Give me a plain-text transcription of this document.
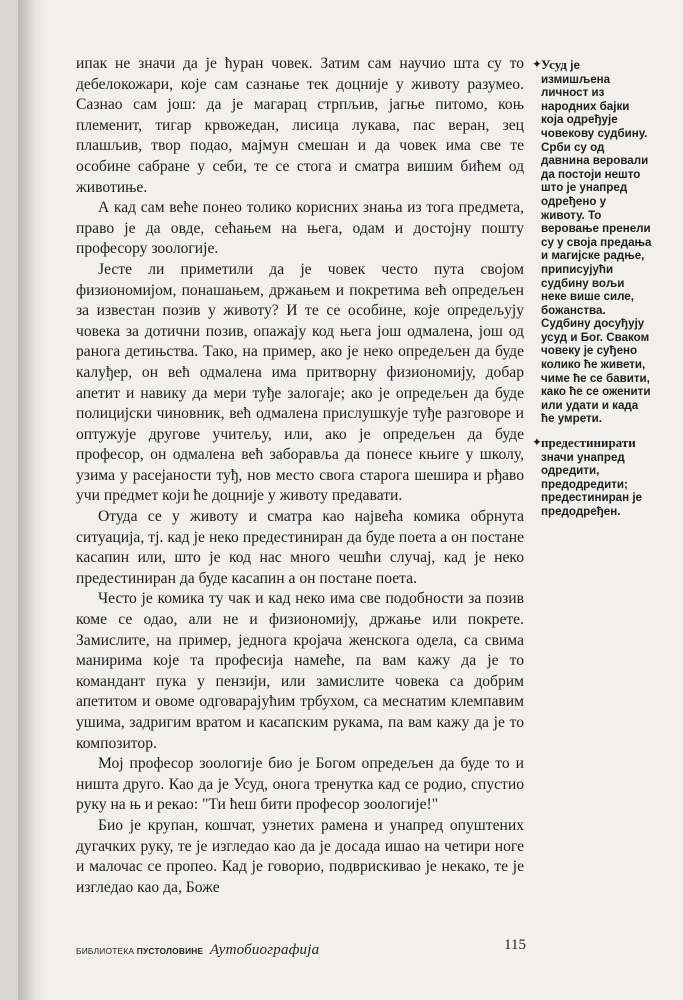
ипак не значи да је ћуран човек. Затим сам научио шта су то дебелокожари, које сам сазнање тек доцније у животу разумео. Сазнао сам још: да је магарац стрпљив, јагње питомо, коњ племенит, тигар крвожедан, лисица лукава, пас веран, зец плашљив, твор подао, мајмун смешан и да човек има све те особине сабране у себи, те се стога и сматра вишим бићем од животиње.

А кад сам веће понео толико корисних знања из тога предмета, право је да овде, сећањем на њега, одам и достојну пошту професору зоологије.

Јесте ли приметили да је човек често пута својом физиономијом, понашањем, држањем и покретима већ опредељен за известан позив у животу? И те се особине, које опредељују човека за дотични позив, опажају код њега још одмалена, још од ранога детињства. Тако, на пример, ако је неко опредељен да буде калуђер, он већ одмалена има притворну физиономију, добар апетит и навику да мери туђе залогаје; ако је опредељен да буде полицијски чиновник, већ одмалена прислушкује туђе разговоре и оптужује другове учитељу, или, ако је опредељен да буде професор, он одмалена већ заборавља да понесе књиге у школу, узима у расејаности туђ, нов место свога старога шешира и рђаво учи предмет који ће доцније у животу предавати.

Отуда се у животу и сматра као највећа комика обрнута ситуација, тј. кад је неко предестиниран да буде поета а он постане касапин или, што је код нас много чешћи случај, кад је неко предестиниран да буде касапин а он постане поета.

Често је комика ту чак и кад неко има све подобности за позив коме се одао, али не и физиономију, држање или покрете. Замислите, на пример, једнога кројача женскога одела, са свима манирима које та професија намеће, па вам кажу да је то командант пука у пензији, или замислите човека са добрим апетитом и овоме одговарајућим трбухом, са меснатим клемпавим ушима, задригим вратом и касапским рукама, па вам кажу да је то композитор.

Мој професор зоологије био је Богом опредељен да буде то и ништа друго. Као да је Усуд, онога тренутка кад се родио, спустио руку на њ и рекао: "Ти ћеш бити професор зоологије!"

Био је крупан, кошчат, узнетих рамена и унапред опуштених дугачких руку, те је изгледао као да је досада ишао на четири ноге и малочас се пропео. Кад је говорио, подврискивао је некако, те је изгледао као да, Боже

✦ Усуд је измишљена личност из народних бајки која одређује човекову судбину. Срби су од давнина веровали да постоји нешто што је унапред одређено у животу. То веровање пренели су у своја предања и магијске радње, приписујући судбину вољи неке више силе, божанства. Судбину досуђују усуд и Бог. Сваком човеку је суђено колико ће живети, чиме ће се бавити, како ће се оженити или удати и када ће умрети.
✦ предестинирати значи унапред одредити, предодредити; предестиниран је предодређен.
БИБЛИОТЕКА ПУСТОЛОВИНЕ Аутобиографија	115
